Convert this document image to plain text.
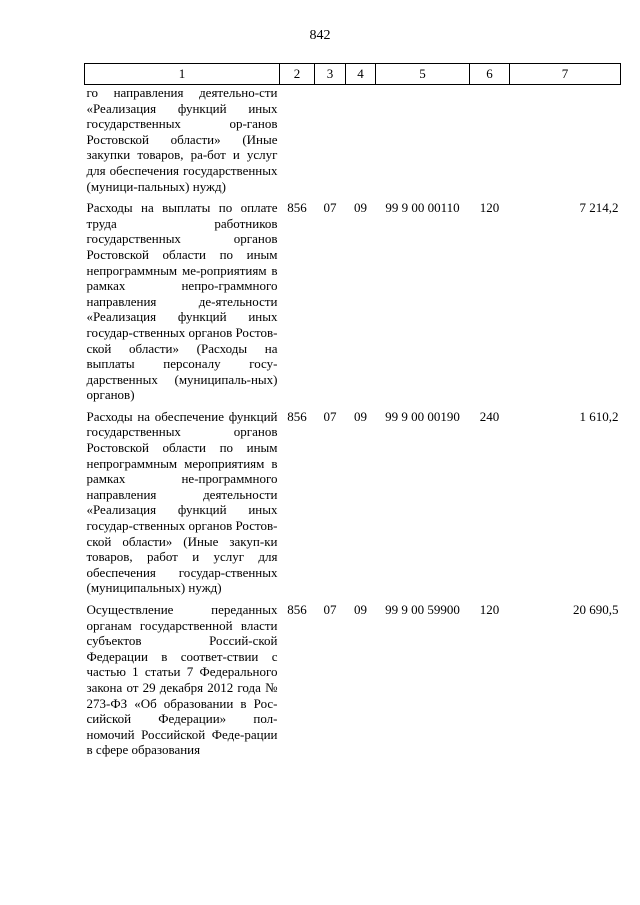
842
1	2	3	4	5	6	7
го направления деятельно-сти «Реализация функций иных государственных ор-ганов Ростовской области» (Иные закупки товаров, ра-бот и услуг для обеспечения государственных (муници-пальных) нужд)						
Расходы на выплаты по оплате труда работников государственных органов Ростовской области по иным непрограммным ме-роприятиям в рамках непро-граммного направления де-ятельности «Реализация функций иных государ-ственных органов Ростов-ской области» (Расходы на выплаты персоналу госу-дарственных (муниципаль-ных) органов)	856	07	09	99 9 00 00110	120	7 214,2
Расходы на обеспечение функций государственных органов Ростовской области по иным непрограммным мероприятиям в рамках не-программного направления деятельности «Реализация функций иных государ-ственных органов Ростов-ской области» (Иные закуп-ки товаров, работ и услуг для обеспечения государ-ственных (муниципальных) нужд)	856	07	09	99 9 00 00190	240	1 610,2
Осуществление переданных органам государственной власти субъектов Россий-ской Федерации в соответ-ствии с частью 1 статьи 7 Федерального закона от 29 декабря 2012 года № 273-ФЗ «Об образовании в Рос-сийской Федерации» пол-номочий Российской Феде-рации в сфере образования	856	07	09	99 9 00 59900	120	20 690,5
